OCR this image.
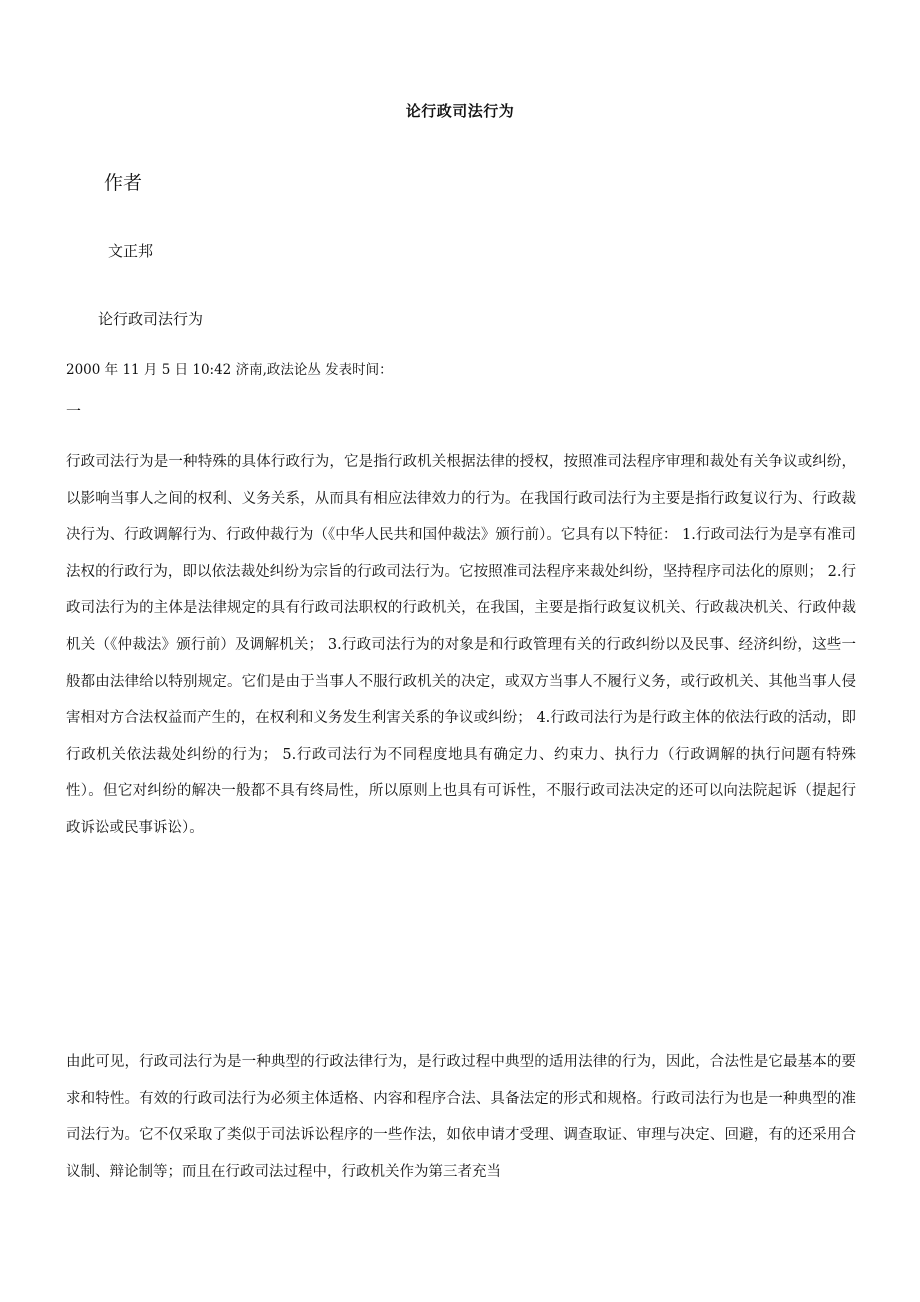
论行政司法行为
作者
文正邦
论行政司法行为
2000 年 11 月 5 日 10:42 济南,政法论丛 发表时间：
一
行政司法行为是一种特殊的具体行政行为，它是指行政机关根据法律的授权，按照准司法程序审理和裁处有关争议或纠纷，以影响当事人之间的权利、义务关系，从而具有相应法律效力的行为。在我国行政司法行为主要是指行政复议行为、行政裁决行为、行政调解行为、行政仲裁行为（《中华人民共和国仲裁法》颁行前）。它具有以下特征： 1.行政司法行为是享有准司法权的行政行为，即以依法裁处纠纷为宗旨的行政司法行为。它按照准司法程序来裁处纠纷，坚持程序司法化的原则； 2.行政司法行为的主体是法律规定的具有行政司法职权的行政机关，在我国，主要是指行政复议机关、行政裁决机关、行政仲裁机关（《仲裁法》颁行前）及调解机关； 3.行政司法行为的对象是和行政管理有关的行政纠纷以及民事、经济纠纷，这些一般都由法律给以特别规定。它们是由于当事人不服行政机关的决定，或双方当事人不履行义务，或行政机关、其他当事人侵害相对方合法权益而产生的，在权利和义务发生利害关系的争议或纠纷； 4.行政司法行为是行政主体的依法行政的活动，即行政机关依法裁处纠纷的行为； 5.行政司法行为不同程度地具有确定力、约束力、执行力（行政调解的执行问题有特殊性）。但它对纠纷的解决一般都不具有终局性，所以原则上也具有可诉性，不服行政司法决定的还可以向法院起诉（提起行政诉讼或民事诉讼）。
由此可见，行政司法行为是一种典型的行政法律行为，是行政过程中典型的适用法律的行为，因此，合法性是它最基本的要求和特性。有效的行政司法行为必须主体适格、内容和程序合法、具备法定的形式和规格。行政司法行为也是一种典型的准司法行为。它不仅采取了类似于司法诉讼程序的一些作法，如依申请才受理、调查取证、审理与决定、回避，有的还采用合议制、辩论制等；而且在行政司法过程中，行政机关作为第三者充当
